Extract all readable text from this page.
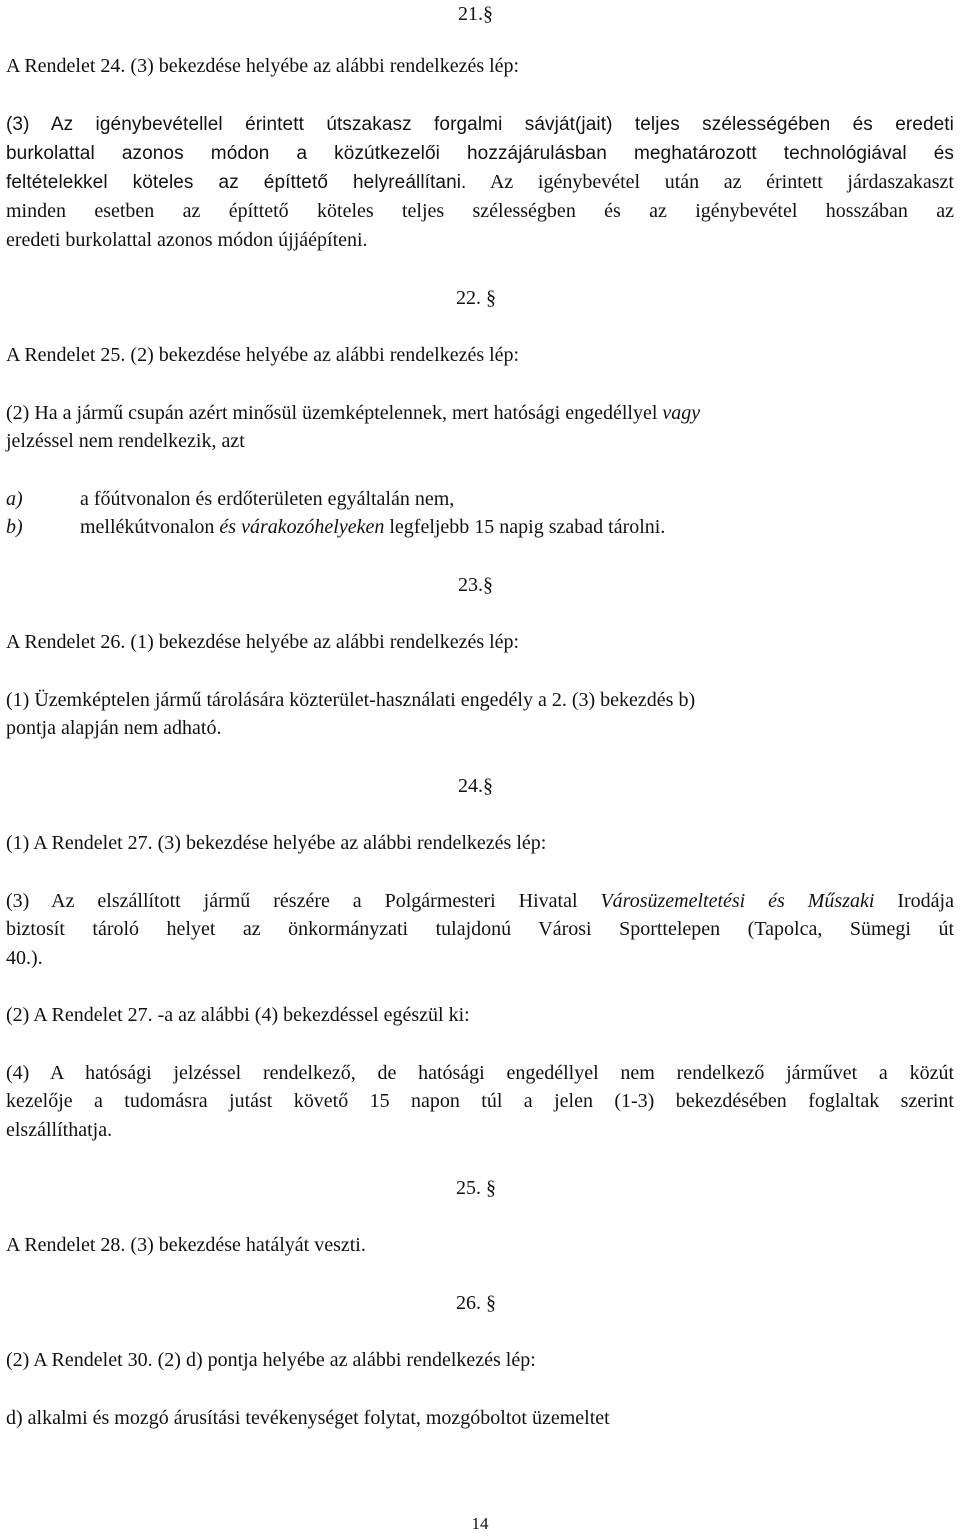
21.§
A Rendelet 24. (3) bekezdése helyébe az alábbi rendelkezés lép:
(3) Az igénybevétellel érintett útszakasz forgalmi sávját(jait) teljes szélességében és eredeti
burkolattal azonos módon a közútkezelői hozzájárulásban meghatározott technológiával és
feltételekkel köteles az építtető helyreállítani. Az igénybevétel után az érintett járdaszakaszt
minden esetben az építtető köteles teljes szélességben és az igénybevétel hosszában az
eredeti burkolattal azonos módon újjáépíteni.
22. §
A Rendelet 25. (2) bekezdése helyébe az alábbi rendelkezés lép:
(2) Ha a jármű csupán azért minősül üzemképtelennek, mert hatósági engedéllyel vagy
jelzéssel nem rendelkezik, azt
a)	a főútvonalon és erdőterületen egyáltalán nem,
b)	mellékútvonalon és várakozóhelyeken legfeljebb 15 napig szabad tárolni.
23.§
A Rendelet 26. (1) bekezdése helyébe az alábbi rendelkezés lép:
(1) Üzemképtelen jármű tárolására közterület-használati engedély a 2. (3) bekezdés b)
pontja alapján nem adható.
24.§
(1) A Rendelet 27. (3) bekezdése helyébe az alábbi rendelkezés lép:
(3) Az elszállított jármű részére a Polgármesteri Hivatal Városüzemeltetési és Műszaki Irodája
biztosít tároló helyet az önkormányzati tulajdonú Városi Sporttelepen (Tapolca, Sümegi út
40.).
(2) A Rendelet 27. -a az alábbi (4) bekezdéssel egészül ki:
(4) A hatósági jelzéssel rendelkező, de hatósági engedéllyel nem rendelkező járművet a közút
kezelője a tudomásra jutást követő 15 napon túl a jelen (1-3) bekezdésében foglaltak szerint
elszállíthatja.
25. §
A Rendelet 28. (3) bekezdése hatályát veszti.
26. §
(2) A Rendelet 30. (2) d) pontja helyébe az alábbi rendelkezés lép:
d) alkalmi és mozgó árusítási tevékenységet folytat, mozgóboltot üzemeltet
14
